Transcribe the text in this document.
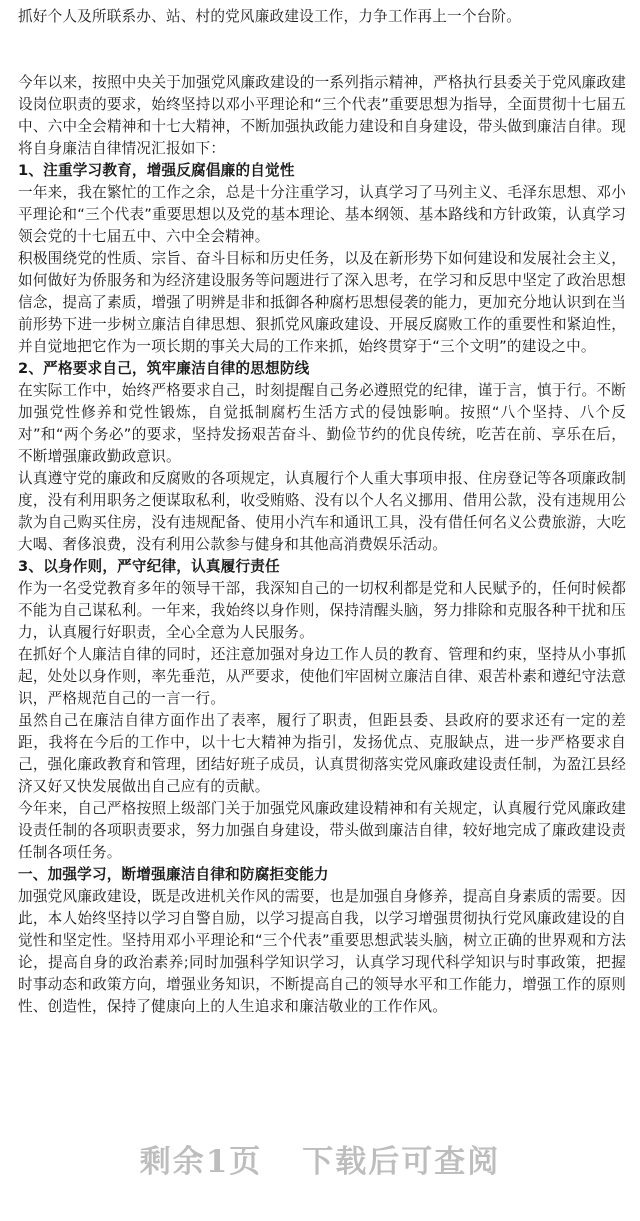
抓好个人及所联系办、站、村的党风廉政建设工作，力争工作再上一个台阶。

今年以来，按照中央关于加强党风廉政建设的一系列指示精神，严格执行县委关于党风廉政建设岗位职责的要求，始终坚持以邓小平理论和“三个代表”重要思想为指导，全面贯彻十七届五中、六中全会精神和十七大精神，不断加强执政能力建设和自身建设，带头做到廉洁自律。现将自身廉洁自律情况汇报如下：

1、注重学习教育，增强反腐倡廉的自觉性

一年来，我在繁忙的工作之余，总是十分注重学习，认真学习了马列主义、毛泽东思想、邓小平理论和“三个代表”重要思想以及党的基本理论、基本纲领、基本路线和方针政策，认真学习领会党的十七届五中、六中全会精神。

积极围绕党的性质、宗旨、奋斗目标和历史任务，以及在新形势下如何建设和发展社会主义，如何做好为侨服务和为经济建设服务等问题进行了深入思考，在学习和反思中坚定了政治思想信念，提高了素质，增强了明辨是非和抵御各种腐朽思想侵袭的能力，更加充分地认识到在当前形势下进一步树立廉洁自律思想、狠抓党风廉政建设、开展反腐败工作的重要性和紧迫性，并自觉地把它作为一项长期的事关大局的工作来抓，始终贯穿于“三个文明”的建设之中。

2、严格要求自己，筑牢廉洁自律的思想防线

在实际工作中，始终严格要求自己，时刻提醒自己务必遵照党的纪律，谨于言，慎于行。不断加强党性修养和党性锻炼，自觉抵制腐朽生活方式的侵蚀影响。按照“八个坚持、八个反对”和“两个务必”的要求，坚持发扬艰苦奋斗、勤俭节约的优良传统，吃苦在前、享乐在后，不断增强廉政勤政意识。

认真遵守党的廉政和反腐败的各项规定，认真履行个人重大事项申报、住房登记等各项廉政制度，没有利用职务之便谋取私利，收受贿赂、没有以个人名义挪用、借用公款，没有违规用公款为自己购买住房，没有违规配备、使用小汽车和通讯工具，没有借任何名义公费旅游，大吃大喝、奢侈浪费，没有利用公款参与健身和其他高消费娱乐活动。

3、以身作则，严守纪律，认真履行责任

作为一名受党教育多年的领导干部，我深知自己的一切权利都是党和人民赋予的，任何时候都不能为自己谋私利。一年来，我始终以身作则，保持清醒头脑，努力排除和克服各种干扰和压力，认真履行好职责，全心全意为人民服务。

在抓好个人廉洁自律的同时，还注意加强对身边工作人员的教育、管理和约束，坚持从小事抓起，处处以身作则，率先垂范，从严要求，使他们牢固树立廉洁自律、艰苦朴素和遵纪守法意识，严格规范自己的一言一行。

虽然自己在廉洁自律方面作出了表率，履行了职责，但距县委、县政府的要求还有一定的差距，我将在今后的工作中，以十七大精神为指引，发扬优点、克服缺点，进一步严格要求自己，强化廉政教育和管理，团结好班子成员，认真贯彻落实党风廉政建设责任制，为盈江县经济又好又快发展做出自己应有的贡献。

今年来，自己严格按照上级部门关于加强党风廉政建设精神和有关规定，认真履行党风廉政建设责任制的各项职责要求，努力加强自身建设，带头做到廉洁自律，较好地完成了廉政建设责任制各项任务。

一、加强学习，断增强廉洁自律和防腐拒变能力

加强党风廉政建设，既是改进机关作风的需要，也是加强自身修养，提高自身素质的需要。因此，本人始终坚持以学习自警自励，以学习提高自我，以学习增强贯彻执行党风廉政建设的自觉性和坚定性。坚持用邓小平理论和“三个代表”重要思想武装头脑，树立正确的世界观和方法论，提高自身的政治素养;同时加强科学知识学习，认真学习现代科学知识与时事政策，把握时事动态和政策方向，增强业务知识，不断提高自己的领导水平和工作能力，增强工作的原则性、创造性，保持了健康向上的人生追求和廉洁敬业的工作作风。

剩余1页 下载后可查阅
